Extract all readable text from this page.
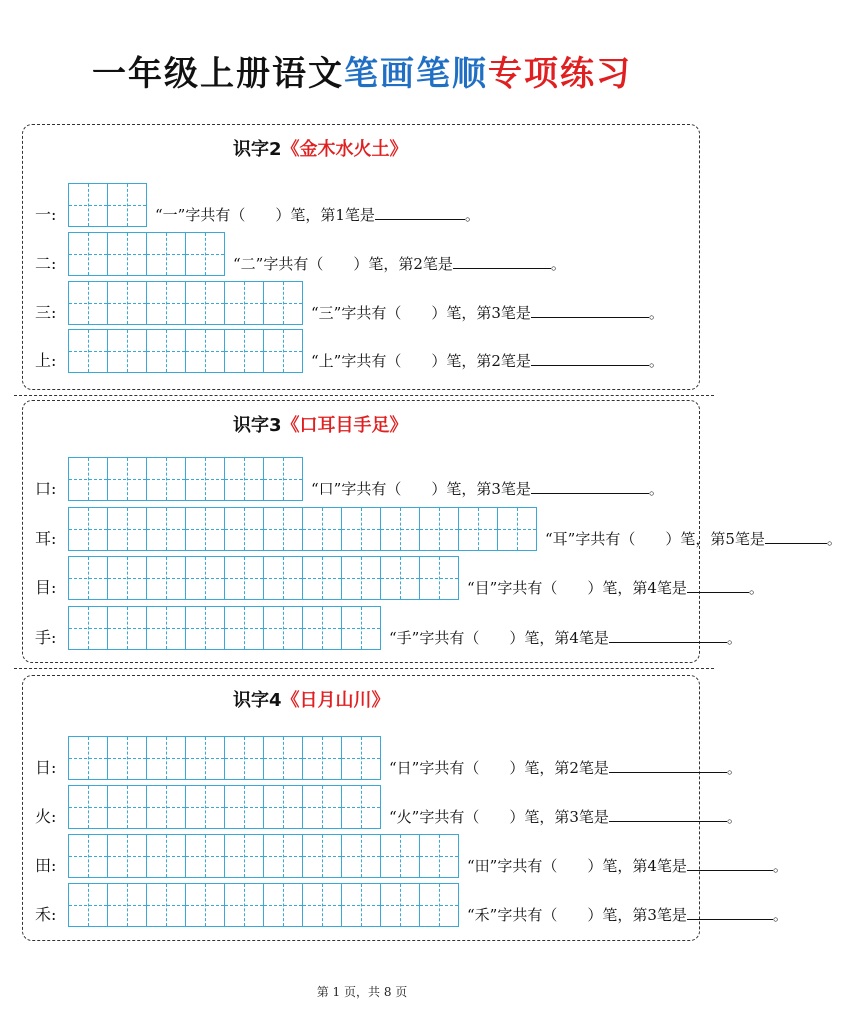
一年级上册语文笔画笔顺专项练习
识字2《金木水火土》
一:	“一”字共有（　　）笔，第1笔是	。
二:	“二”字共有（　　）笔，第2笔是	。
三:	“三”字共有（　　）笔，第3笔是	。
上:	“上”字共有（　　）笔，第2笔是	。
识字3《口耳目手足》
口:	“口”字共有（　　）笔，第3笔是	。
耳:	“耳”字共有（　　）笔，第5笔是	。
目:	“目”字共有（　　）笔，第4笔是	。
手:	“手”字共有（　　）笔，第4笔是	。
识字4《日月山川》
日:	“日”字共有（　　）笔，第2笔是	。
火:	“火”字共有（　　）笔，第3笔是	。
田:	“田”字共有（　　）笔，第4笔是	。
禾:	“禾”字共有（　　）笔，第3笔是	。
第 1 页，共 8 页
